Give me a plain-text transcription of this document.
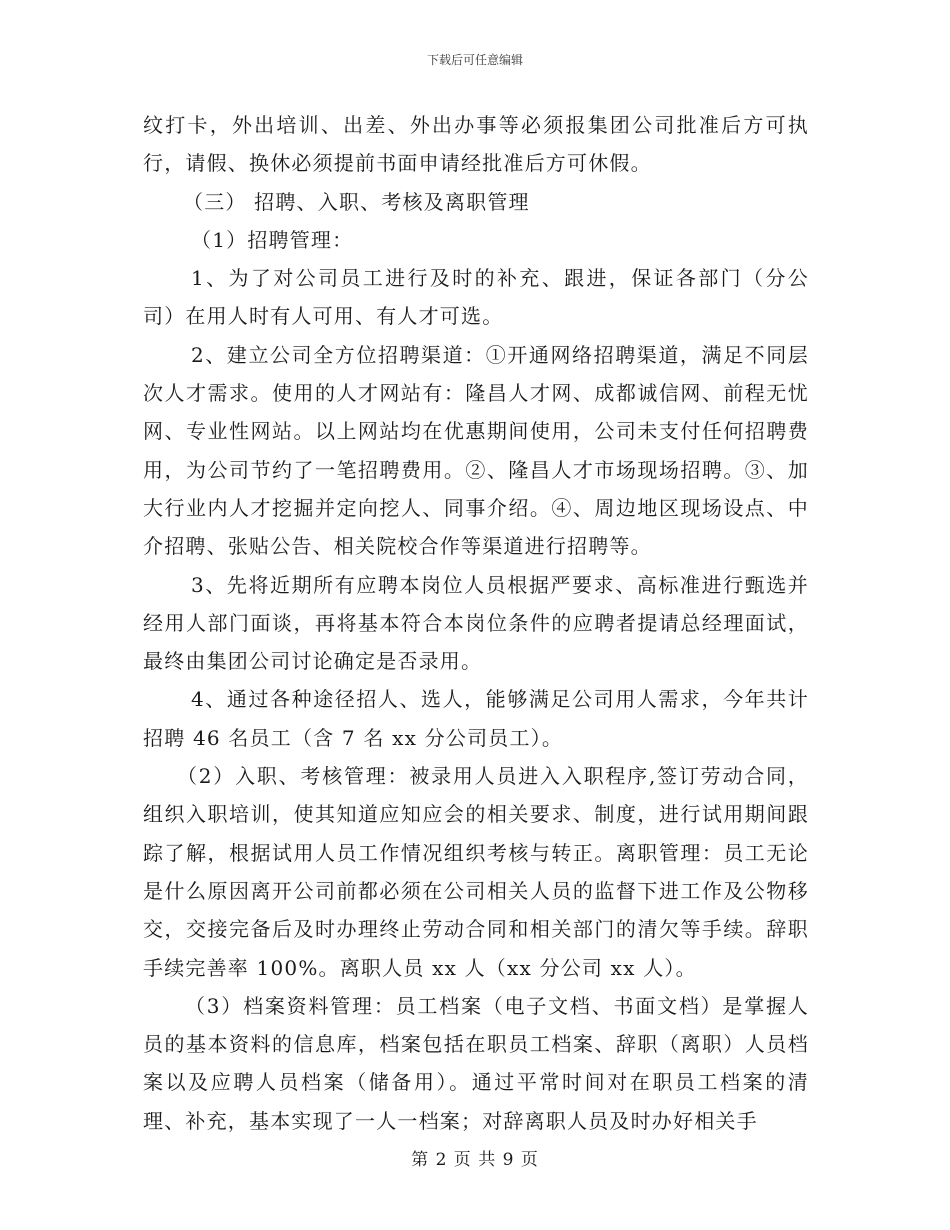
下载后可任意编辑

纹打卡，外出培训、出差、外出办事等必须报集团公司批准后方可执行，请假、换休必须提前书面申请经批准后方可休假。

（三） 招聘、入职、考核及离职管理

（1）招聘管理：

1、为了对公司员工进行及时的补充、跟进，保证各部门（分公司）在用人时有人可用、有人才可选。

2、建立公司全方位招聘渠道：①开通网络招聘渠道，满足不同层次人才需求。使用的人才网站有：隆昌人才网、成都诚信网、前程无忧网、专业性网站。以上网站均在优惠期间使用，公司未支付任何招聘费用，为公司节约了一笔招聘费用。②、隆昌人才市场现场招聘。③、加大行业内人才挖掘并定向挖人、同事介绍。④、周边地区现场设点、中介招聘、张贴公告、相关院校合作等渠道进行招聘等。

3、先将近期所有应聘本岗位人员根据严要求、高标准进行甄选并经用人部门面谈，再将基本符合本岗位条件的应聘者提请总经理面试，最终由集团公司讨论确定是否录用。

4、通过各种途径招人、选人，能够满足公司用人需求，今年共计招聘 46 名员工（含 7 名 xx 分公司员工）。

（2）入职、考核管理：被录用人员进入入职程序,签订劳动合同，组织入职培训，使其知道应知应会的相关要求、制度，进行试用期间跟踪了解，根据试用人员工作情况组织考核与转正。离职管理：员工无论是什么原因离开公司前都必须在公司相关人员的监督下进工作及公物移交，交接完备后及时办理终止劳动合同和相关部门的清欠等手续。辞职手续完善率 100%。离职人员 xx 人（xx 分公司 xx 人）。

（3）档案资料管理：员工档案（电子文档、书面文档）是掌握人员的基本资料的信息库，档案包括在职员工档案、辞职（离职）人员档案以及应聘人员档案（储备用）。通过平常时间对在职员工档案的清理、补充，基本实现了一人一档案；对辞离职人员及时办好相关手

第 2 页 共 9 页
